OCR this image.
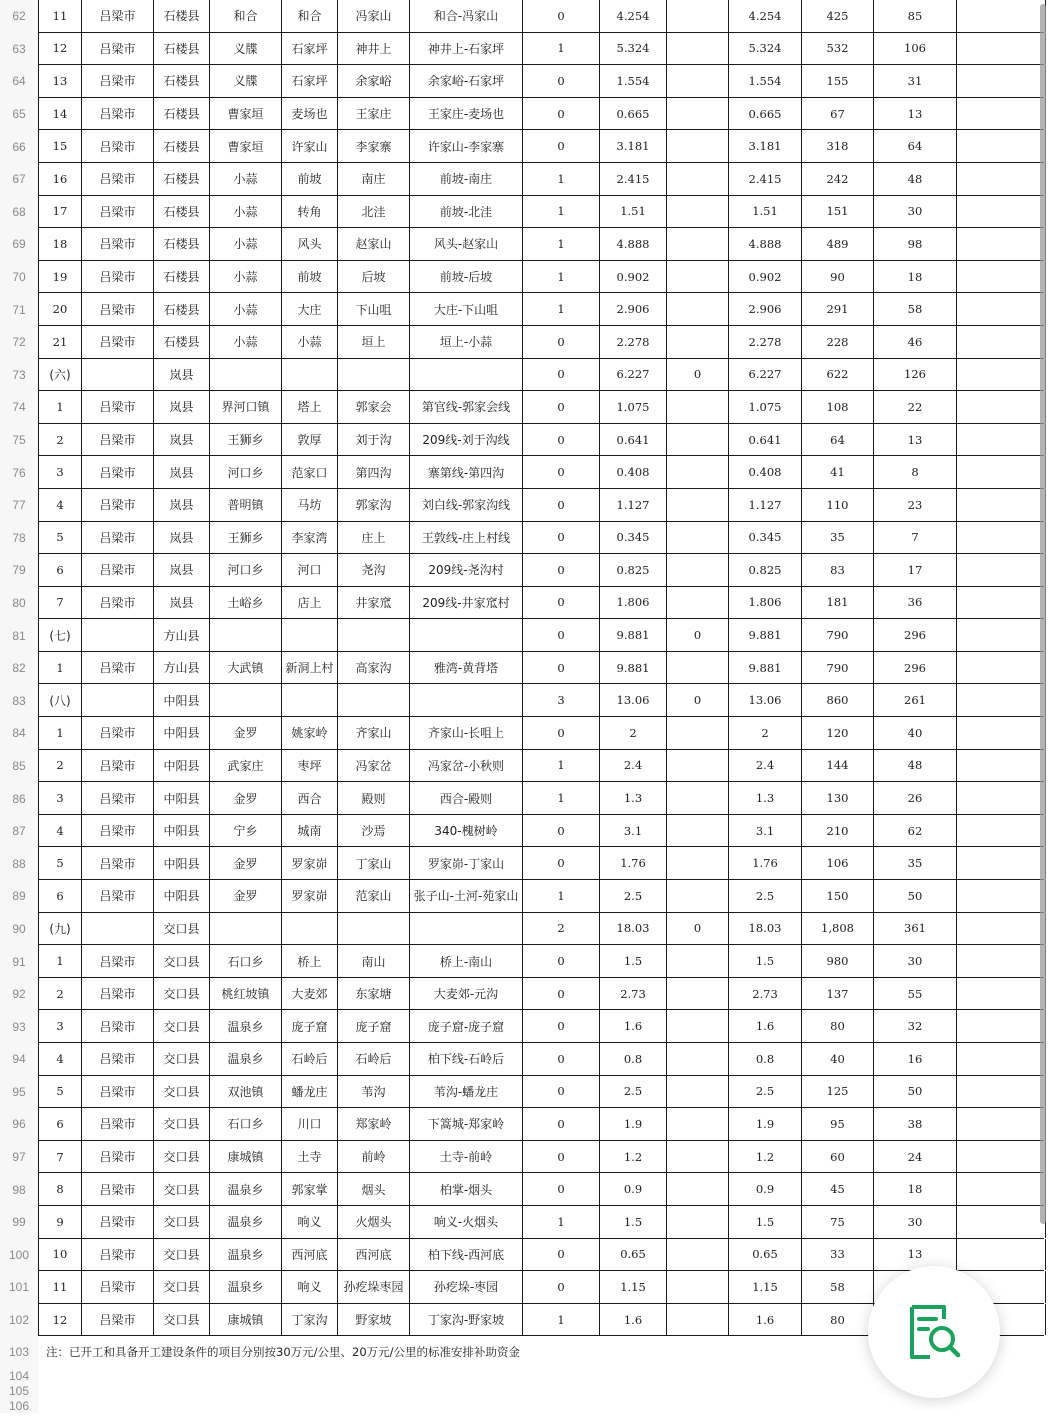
62	11	吕梁市	石楼县	和合	和合	冯家山	和合-冯家山	0	4.254	4.254	425	85
63	12	吕梁市	石楼县	义牒	石家坪	神井上	神井上-石家坪	1	5.324	5.324	532	106
64	13	吕梁市	石楼县	义牒	石家坪	余家峪	余家峪-石家坪	0	1.554	1.554	155	31
65	14	吕梁市	石楼县	曹家垣	麦场也	王家庄	王家庄-麦场也	0	0.665	0.665	67	13
66	15	吕梁市	石楼县	曹家垣	许家山	李家寨	许家山-李家寨	0	3.181	3.181	318	64
67	16	吕梁市	石楼县	小蒜	前坡	南庄	前坡-南庄	1	2.415	2.415	242	48
68	17	吕梁市	石楼县	小蒜	转角	北洼	前坡-北洼	1	1.51	1.51	151	30
69	18	吕梁市	石楼县	小蒜	风头	赵家山	风头-赵家山	1	4.888	4.888	489	98
70	19	吕梁市	石楼县	小蒜	前坡	后坡	前坡-后坡	1	0.902	0.902	90	18
71	20	吕梁市	石楼县	小蒜	大庄	下山咀	大庄-下山咀	1	2.906	2.906	291	58
72	21	吕梁市	石楼县	小蒜	小蒜	垣上	垣上-小蒜	0	2.278	2.278	228	46
73	(六)	岚县	0	6.227	0	6.227	622	126
74	1	吕梁市	岚县	界河口镇	塔上	郭家会	第官线-郭家会线	0	1.075	1.075	108	22
75	2	吕梁市	岚县	王狮乡	敦厚	刘于沟	209线-刘于沟线	0	0.641	0.641	64	13
76	3	吕梁市	岚县	河口乡	范家口	第四沟	寨第线-第四沟	0	0.408	0.408	41	8
77	4	吕梁市	岚县	普明镇	马坊	郭家沟	刘白线-郭家沟线	0	1.127	1.127	110	23
78	5	吕梁市	岚县	王狮乡	李家湾	庄上	王敦线-庄上村线	0	0.345	0.345	35	7
79	6	吕梁市	岚县	河口乡	河口	尧沟	209线-尧沟村	0	0.825	0.825	83	17
80	7	吕梁市	岚县	土峪乡	店上	井家窊	209线-井家窊村	0	1.806	1.806	181	36
81	(七)	方山县	0	9.881	0	9.881	790	296
82	1	吕梁市	方山县	大武镇	新洞上村	高家沟	雅湾-黄背塔	0	9.881	9.881	790	296
83	(八)	中阳县	3	13.06	0	13.06	860	261
84	1	吕梁市	中阳县	金罗	姚家岭	齐家山	齐家山-长咀上	0	2	2	120	40
85	2	吕梁市	中阳县	武家庄	枣坪	冯家岔	冯家岔-小秋则	1	2.4	2.4	144	48
86	3	吕梁市	中阳县	金罗	西合	殿则	西合-殿则	1	1.3	1.3	130	26
87	4	吕梁市	中阳县	宁乡	城南	沙焉	340-槐树岭	0	3.1	3.1	210	62
88	5	吕梁市	中阳县	金罗	罗家峁	丁家山	罗家峁-丁家山	0	1.76	1.76	106	35
89	6	吕梁市	中阳县	金罗	罗家峁	范家山	张子山-土河-苑家山	1	2.5	2.5	150	50
90	(九)	交口县	2	18.03	0	18.03	1,808	361
91	1	吕梁市	交口县	石口乡	桥上	南山	桥上-南山	0	1.5	1.5	980	30
92	2	吕梁市	交口县	桃红坡镇	大麦郊	东家塘	大麦郊-元沟	0	2.73	2.73	137	55
93	3	吕梁市	交口县	温泉乡	庞子窟	庞子窟	庞子窟-庞子窟	0	1.6	1.6	80	32
94	4	吕梁市	交口县	温泉乡	石岭后	石岭后	柏下线-石岭后	0	0.8	0.8	40	16
95	5	吕梁市	交口县	双池镇	蟠龙庄	苇沟	苇沟-蟠龙庄	0	2.5	2.5	125	50
96	6	吕梁市	交口县	石口乡	川口	郑家岭	下篙城-郑家岭	0	1.9	1.9	95	38
97	7	吕梁市	交口县	康城镇	土寺	前岭	土寺-前岭	0	1.2	1.2	60	24
98	8	吕梁市	交口县	温泉乡	郭家掌	烟头	柏掌-烟头	0	0.9	0.9	45	18
99	9	吕梁市	交口县	温泉乡	响义	火烟头	响义-火烟头	1	1.5	1.5	75	30
100	10	吕梁市	交口县	温泉乡	西河底	西河底	柏下线-西河底	0	0.65	0.65	33	13
101	11	吕梁市	交口县	温泉乡	响义	孙疙垛枣园	孙疙垛-枣园	0	1.15	1.15	58
102	12	吕梁市	交口县	康城镇	丁家沟	野家坡	丁家沟-野家坡	1	1.6	1.6	80
103	注：已开工和具备开工建设条件的项目分别按30万元/公里、20万元/公里的标准安排补助资金
104
105
106
